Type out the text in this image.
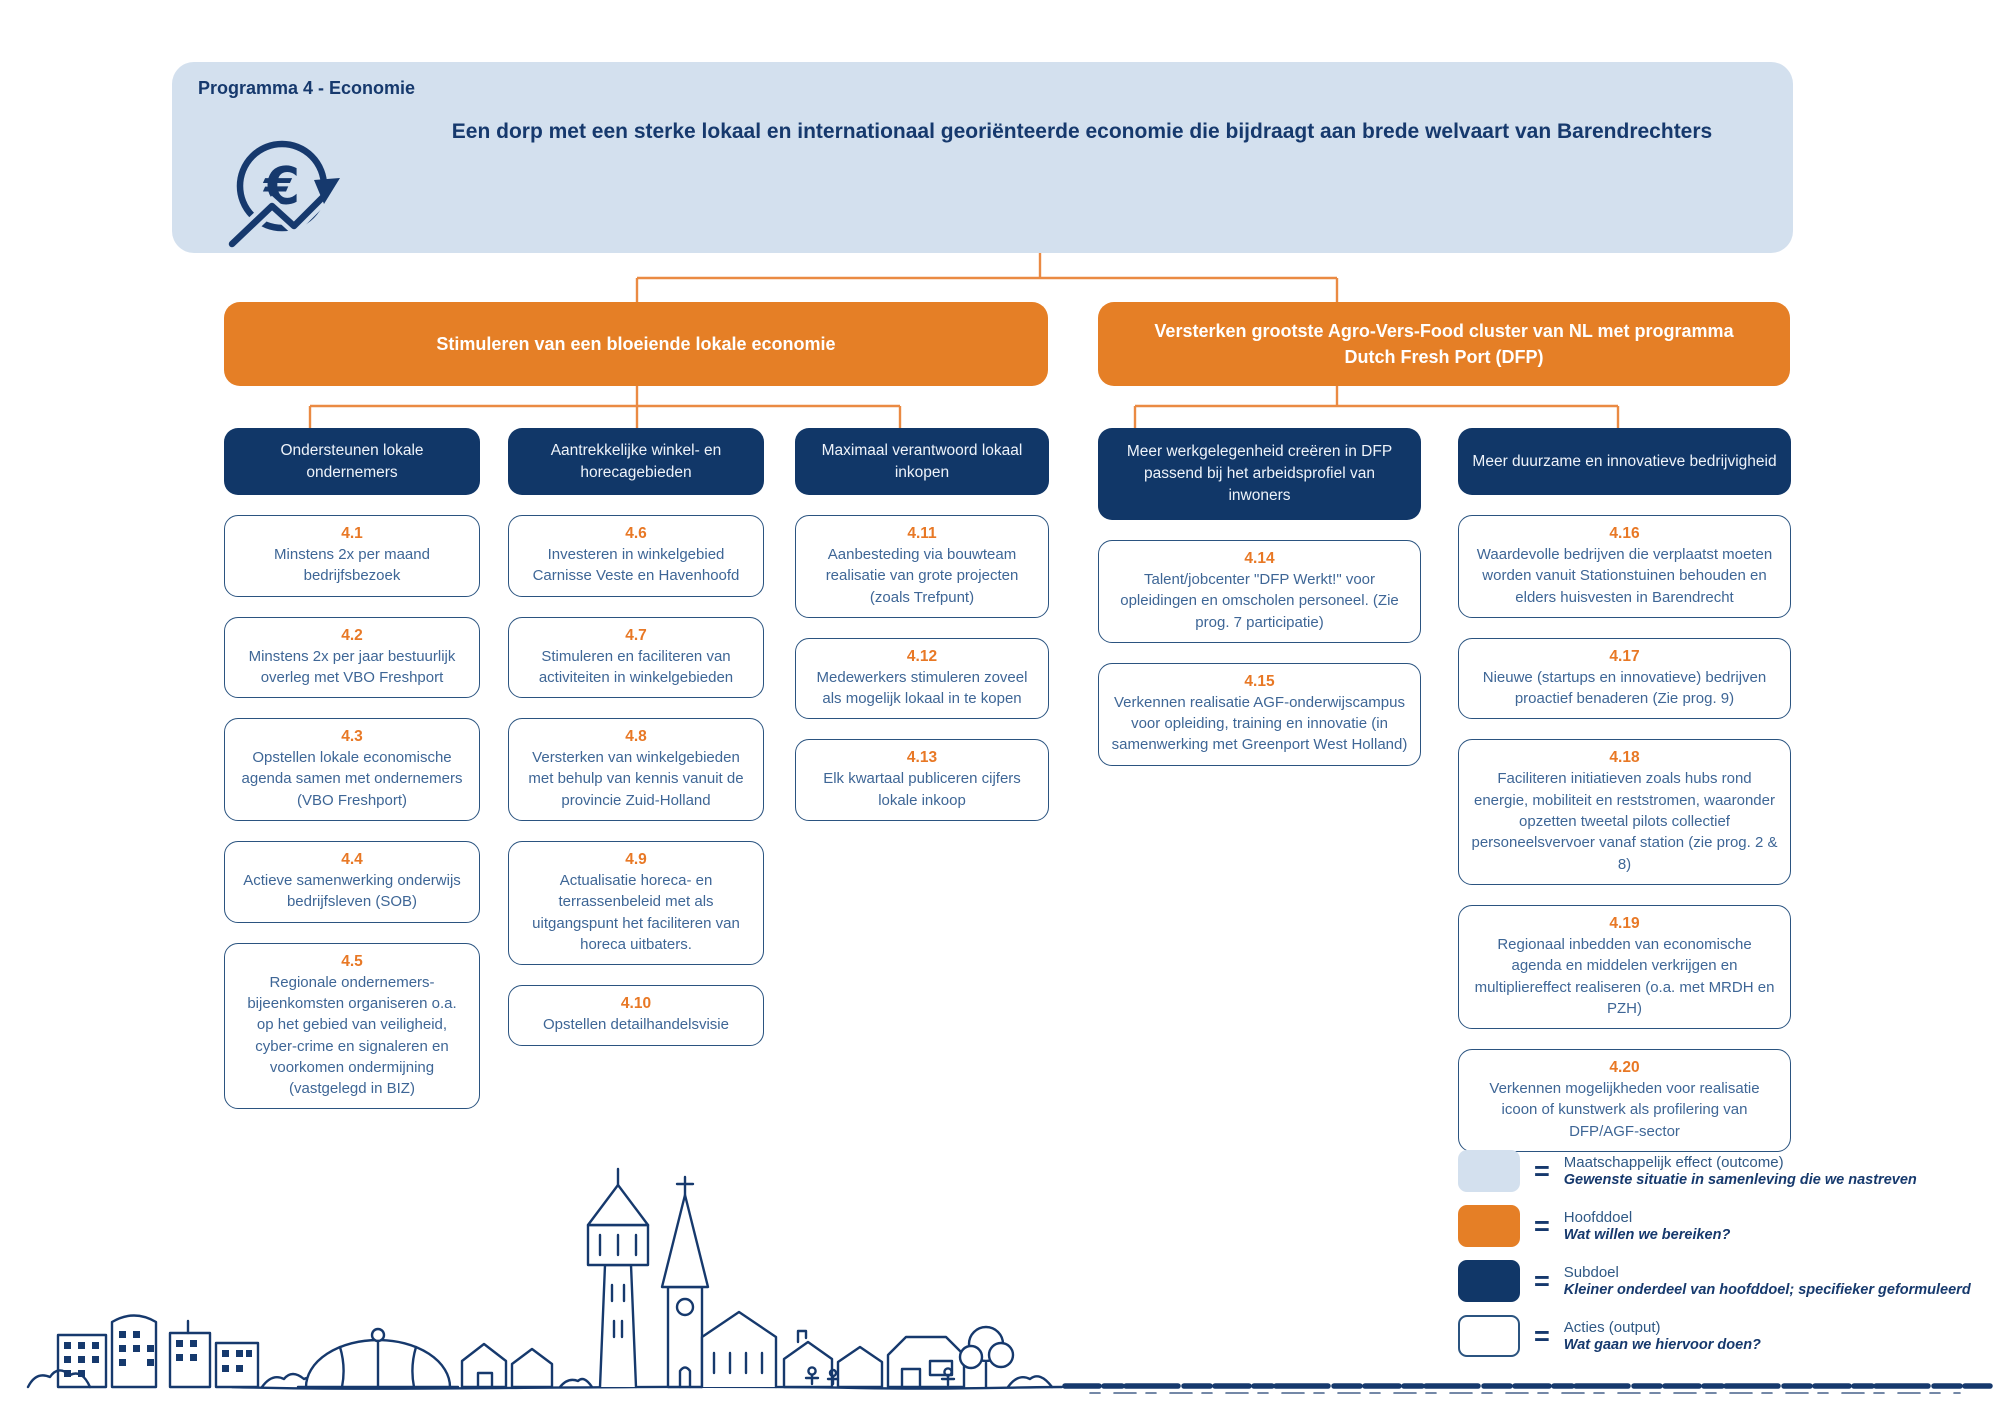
Programma 4 - Economie
€
Een dorp met een sterke lokaal en internationaal georiënteerde economie die bijdraagt aan brede welvaart van Barendrechters
Stimuleren van een bloeiende lokale economie
Versterken grootste Agro-Vers-Food cluster van NL met programma Dutch Fresh Port (DFP)
Ondersteunen lokale ondernemers
4.1
Minstens 2x per maand bedrijfsbezoek
4.2
Minstens 2x per jaar bestuurlijk overleg met VBO Freshport
4.3
Opstellen lokale economische agenda samen met ondernemers (VBO Freshport)
4.4
Actieve samenwerking onderwijs bedrijfsleven (SOB)
4.5
Regionale ondernemers-bijeenkomsten organiseren o.a. op het gebied van veiligheid, cyber-crime en signaleren en voorkomen ondermijning (vastgelegd in BIZ)
Aantrekkelijke winkel- en horecagebieden
4.6
Investeren in winkelgebied Carnisse Veste en Havenhoofd
4.7
Stimuleren en faciliteren van activiteiten in winkelgebieden
4.8
Versterken van winkelgebieden met behulp van kennis vanuit de provincie Zuid-Holland
4.9
Actualisatie horeca- en terrassenbeleid met als uitgangspunt het faciliteren van horeca uitbaters.
4.10
Opstellen detailhandelsvisie
Maximaal verantwoord lokaal inkopen
4.11
Aanbesteding via bouwteam realisatie van grote projecten (zoals Trefpunt)
4.12
Medewerkers stimuleren zoveel als mogelijk lokaal in te kopen
4.13
Elk kwartaal publiceren cijfers lokale inkoop
Meer werkgelegenheid creëren in DFP passend bij het arbeidsprofiel van inwoners
4.14
Talent/jobcenter "DFP Werkt!" voor opleidingen en omscholen personeel. (Zie prog. 7 participatie)
4.15
Verkennen realisatie AGF-onderwijscampus voor opleiding, training en innovatie (in samenwerking met Greenport West Holland)
Meer duurzame en innovatieve bedrijvigheid
4.16
Waardevolle bedrijven die verplaatst moeten worden vanuit Stationstuinen behouden en elders huisvesten in Barendrecht
4.17
Nieuwe (startups en innovatieve) bedrijven proactief benaderen (Zie prog. 9)
4.18
Faciliteren initiatieven zoals hubs rond energie, mobiliteit en reststromen, waaronder opzetten tweetal pilots collectief personeelsvervoer vanaf station (zie prog. 2 & 8)
4.19
Regionaal inbedden van economische agenda en middelen verkrijgen en multipliereffect realiseren (o.a. met MRDH en PZH)
4.20
Verkennen mogelijkheden voor realisatie icoon of kunstwerk als profilering van DFP/AGF-sector
= Maatschappelijk effect (outcome)
Gewenste situatie in samenleving die we nastreven
= Hoofddoel
Wat willen we bereiken?
= Subdoel
Kleiner onderdeel van hoofddoel; specifieker geformuleerd
= Acties (output)
Wat gaan we hiervoor doen?
